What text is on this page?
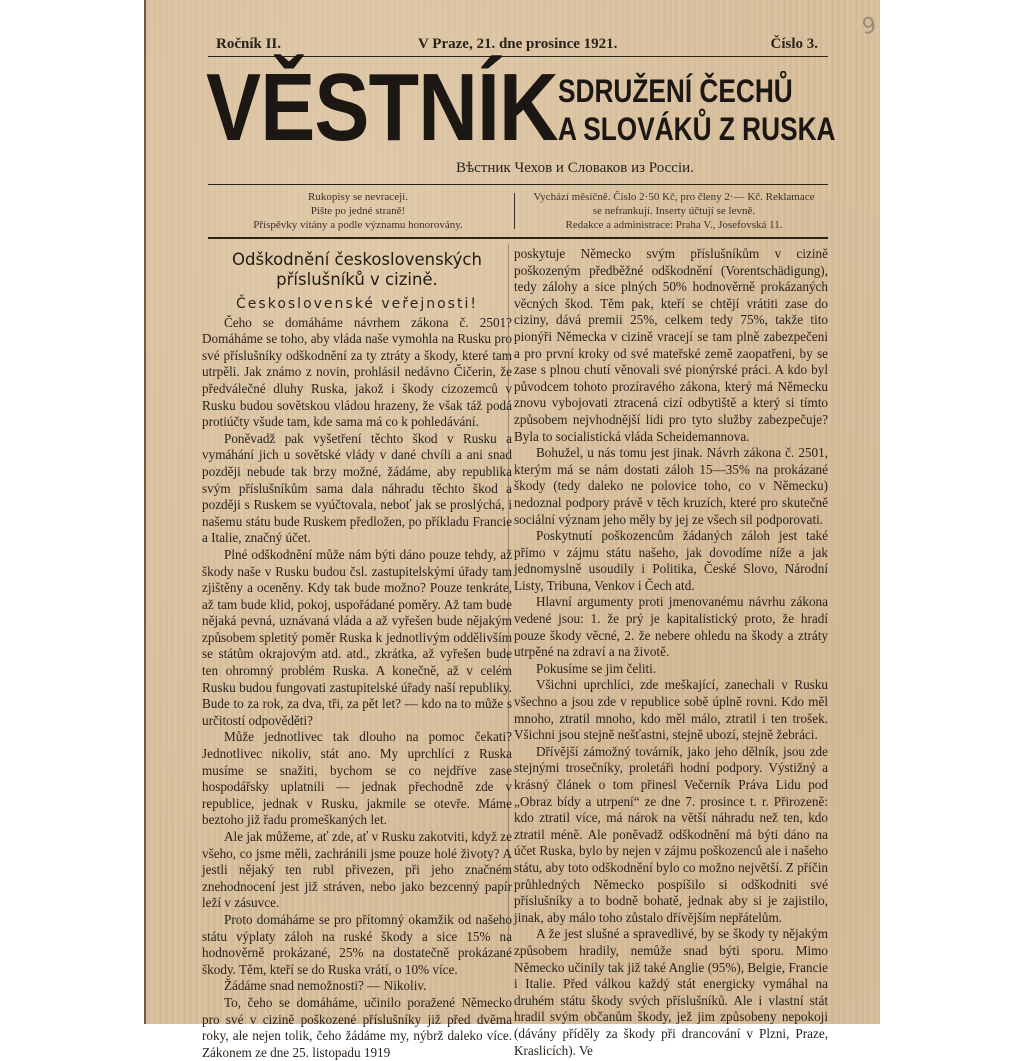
9
Ročník II.	V Praze, 21. dne prosince 1921.	Číslo 3.
VĚSTNÍK SDRUŽENÍ ČECHŮ
A SLOVÁKŮ Z RUSKA
Вѣстник Чехов и Словаков из Россiи.
Rukopisy se nevracejí.
Pište po jedné straně!
Příspěvky vítány a podle významu honorovány.
Vychází měsíčně. Číslo 2·50 Kč, pro členy 2·— Kč. Reklamace
se nefrankují. Inserty účtují se levně.
Redakce a administrace: Praha V., Josefovská 11.
Odškodnění československých příslušníků v cizině.
Československé veřejnosti!

Čeho se domáháme návrhem zákona č. 2501? Domáháme se toho, aby vláda naše vymohla na Rusku pro své příslušníky odškodnění za ty ztráty a škody, které tam utrpěli. Jak známo z novin, prohlásil nedávno Čičerin, že předválečné dluhy Ruska, jakož i škody cizozemců v Rusku budou sovětskou vládou hrazeny, že však táž podá protiúčty všude tam, kde sama má co k pohledávání.

Poněvadž pak vyšetření těchto škod v Rusku a vymáhání jich u sovětské vlády v dané chvíli a ani snad později nebude tak brzy možné, žádáme, aby republika svým příslušníkům sama dala náhradu těchto škod a později s Ruskem se vyúčtovala, neboť jak se proslýchá, i našemu státu bude Ruskem předložen, po příkladu Francie a Italie, značný účet.

Plné odškodnění může nám býti dáno pouze tehdy, až škody naše v Rusku budou čsl. zastupitelskými úřady tam zjištěny a oceněny. Kdy tak bude možno? Pouze tenkráte, až tam bude klid, pokoj, uspořádané poměry. Až tam bude nějaká pevná, uznávaná vláda a až vyřešen bude nějakým způsobem spletitý poměr Ruska k jednotlivým oddělivším se státům okrajovým atd. atd., zkrátka, až vyřešen bude ten ohromný problém Ruska. A konečně, až v celém Rusku budou fungovati zastupitelské úřady naší republiky. Bude to za rok, za dva, tři, za pět let? — kdo na to může s určitostí odpověděti?

Může jednotlivec tak dlouho na pomoc čekati? Jednotlivec nikoliv, stát ano. My uprchlíci z Ruska musíme se snažiti, bychom se co nejdříve zase hospodářsky uplatnili — jednak přechodně zde v republice, jednak v Rusku, jakmile se otevře. Máme beztoho již řadu promeškaných let.

Ale jak můžeme, ať zde, ať v Rusku zakotviti, když ze všeho, co jsme měli, zachránili jsme pouze holé životy? A jestli nějaký ten rubl přivezen, při jeho značném znehodnocení jest již stráven, nebo jako bezcenný papír leží v zásuvce.

Proto domáháme se pro přítomný okamžik od našeho státu výplaty záloh na ruské škody a sice 15% na hodnověrně prokázané, 25% na dostatečně prokázané škody. Těm, kteří se do Ruska vrátí, o 10% více.

Žádáme snad nemožnosti? — Nikoliv.

To, čeho se domáháme, učinilo poražené Německo pro své v cizině poškozené příslušníky již před dvěma roky, ale nejen tolik, čeho žádáme my, nýbrž daleko více. Zákonem ze dne 25. listopadu 1919

poskytuje Německo svým příslušníkům v cizině poškozeným předběžné odškodnění (Vorentschädigung), tedy zálohy a sice plných 50% hodnověrně prokázaných věcných škod. Těm pak, kteří se chtějí vrátiti zase do ciziny, dává premii 25%, celkem tedy 75%, takže tito pionýři Německa v cizině vracejí se tam plně zabezpečeni a pro první kroky od své mateřské země zaopatřeni, by se zase s plnou chutí věnovali své pionýrské práci. A kdo byl původcem tohoto prozíravého zákona, který má Německu znovu vybojovati ztracená cizí odbytiště a který si tímto způsobem nejvhodnější lidi pro tyto služby zabezpečuje? Byla to socialistická vláda Scheidemannova.

Bohužel, u nás tomu jest jinak. Návrh zákona č. 2501, kterým má se nám dostati záloh 15—35% na prokázané škody (tedy daleko ne polovice toho, co v Německu) nedoznal podpory právě v těch kruzích, které pro skutečně sociální význam jeho měly by jej ze všech sil podporovati.

Poskytnutí poškozencům žádaných záloh jest také přímo v zájmu státu našeho, jak dovodíme níže a jak jednomyslně usoudily i Politika, České Slovo, Národní Listy, Tribuna, Venkov i Čech atd.

Hlavní argumenty proti jmenovanému návrhu zákona vedené jsou: 1. že prý je kapitalistický proto, že hradí pouze škody věcné, 2. že nebere ohledu na škody a ztráty utrpěné na zdraví a na životě.

Pokusíme se jim čeliti.

Všichni uprchlíci, zde meškající, zanechali v Rusku všechno a jsou zde v republice sobě úplně rovni. Kdo měl mnoho, ztratil mnoho, kdo měl málo, ztratil i ten trošek. Všichni jsou stejně nešťastni, stejně ubozí, stejně žebráci.

Dřívější zámožný továrník, jako jeho dělník, jsou zde stejnými trosečníky, proletáři hodní podpory. Výstižný a krásný článek o tom přinesl Večerník Práva Lidu pod „Obraz bídy a utrpení“ ze dne 7. prosince t. r. Přirozeně: kdo ztratil více, má nárok na větší náhradu než ten, kdo ztratil méně. Ale poněvadž odškodnění má býti dáno na účet Ruska, bylo by nejen v zájmu poškozenců ale i našeho státu, aby toto odškodnění bylo co možno největší. Z příčin průhledných Německo pospíšilo si odškodniti své příslušníky a to bodně bohatě, jednak aby si je zajistilo, jinak, aby málo toho zůstalo dřívějším nepřátelům.

A že jest slušné a spravedlivé, by se škody ty nějakým způsobem hradily, nemůže snad býti sporu. Mimo Německo učinily tak již také Anglie (95%), Belgie, Francie i Italie. Před válkou každý stát energicky vymáhal na druhém státu škody svých příslušníků. Ale i vlastní stát hradil svým občanům škody, jež jim způsobeny nepokoji (dávány příděly za škody při drancování v Plzni, Praze, Kraslicích). Ve
